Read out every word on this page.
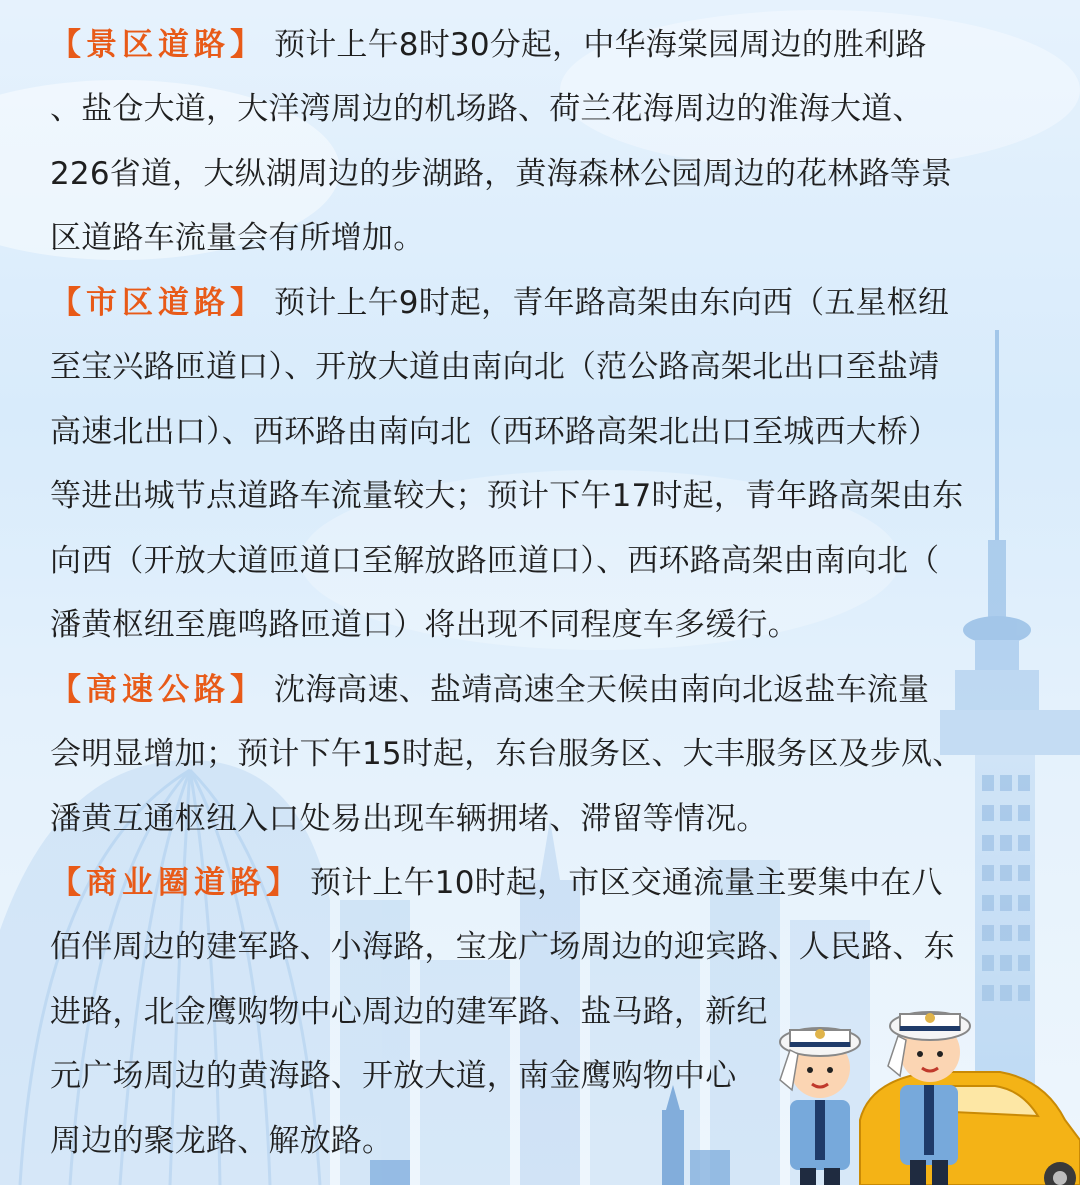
【景区道路】 预计上午8时30分起，中华海棠园周边的胜利路
、盐仓大道，大洋湾周边的机场路、荷兰花海周边的淮海大道、
226省道，大纵湖周边的步湖路，黄海森林公园周边的花林路等景
区道路车流量会有所增加。
【市区道路】 预计上午9时起，青年路高架由东向西（五星枢纽
至宝兴路匝道口）、开放大道由南向北（范公路高架北出口至盐靖
高速北出口）、西环路由南向北（西环路高架北出口至城西大桥）
等进出城节点道路车流量较大；预计下午17时起，青年路高架由东
向西（开放大道匝道口至解放路匝道口）、西环路高架由南向北（
潘黄枢纽至鹿鸣路匝道口）将出现不同程度车多缓行。
【高速公路】 沈海高速、盐靖高速全天候由南向北返盐车流量
会明显增加；预计下午15时起，东台服务区、大丰服务区及步凤、
潘黄互通枢纽入口处易出现车辆拥堵、滞留等情况。
【商业圈道路】 预计上午10时起，市区交通流量主要集中在八
佰伴周边的建军路、小海路，宝龙广场周边的迎宾路、人民路、东
进路，北金鹰购物中心周边的建军路、盐马路，新纪
元广场周边的黄海路、开放大道，南金鹰购物中心
周边的聚龙路、解放路。
